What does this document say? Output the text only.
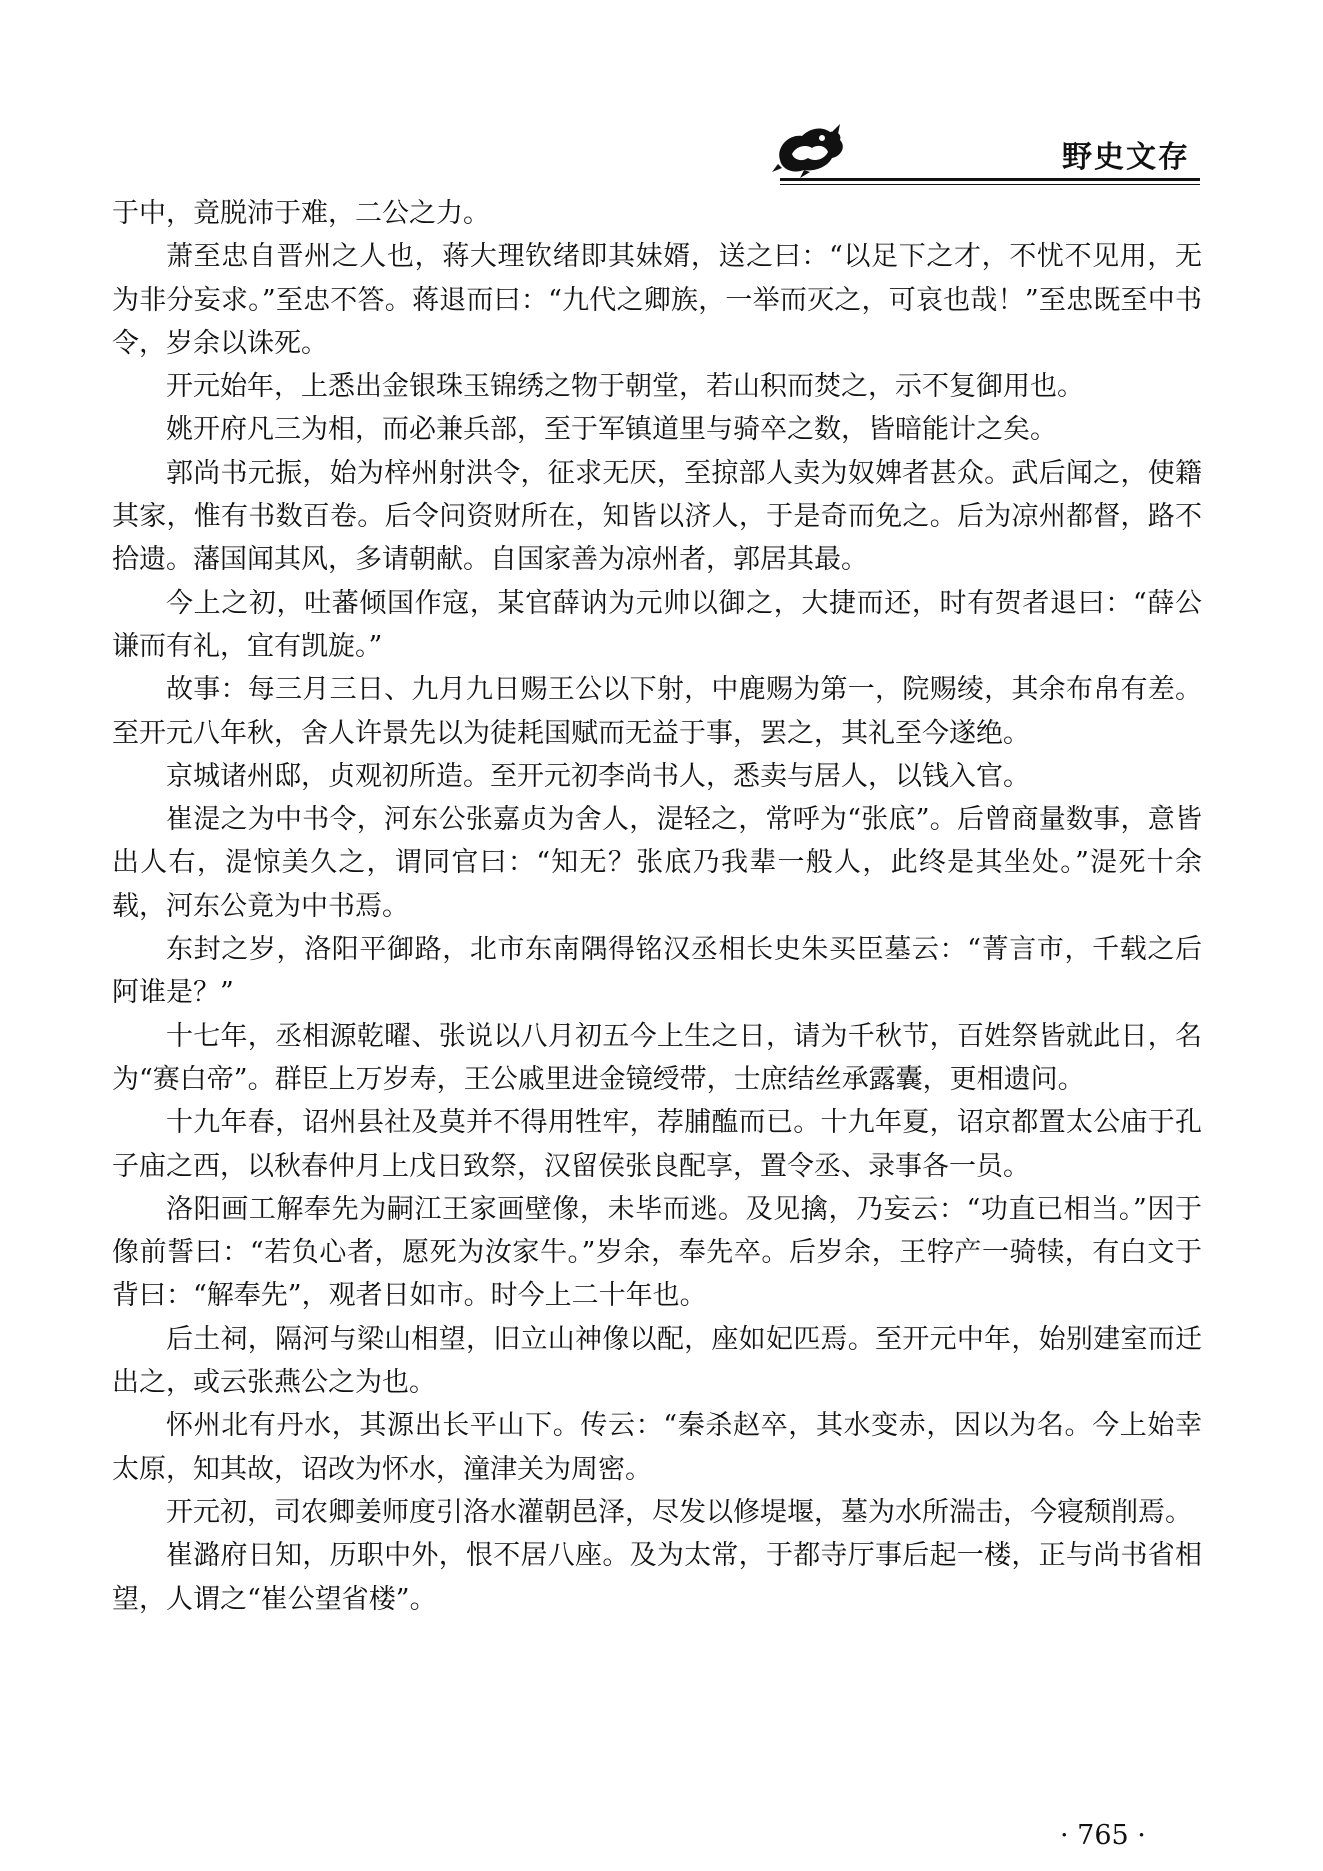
野史文存

于中，竟脱沛于难，二公之力。

萧至忠自晋州之人也，蒋大理钦绪即其妹婿，送之曰：“以足下之才，不忧不见用，无为非分妄求。”至忠不答。蒋退而曰：“九代之卿族，一举而灭之，可哀也哉！”至忠既至中书令，岁余以诛死。

开元始年，上悉出金银珠玉锦绣之物于朝堂，若山积而焚之，示不复御用也。

姚开府凡三为相，而必兼兵部，至于军镇道里与骑卒之数，皆暗能计之矣。

郭尚书元振，始为梓州射洪令，征求无厌，至掠部人卖为奴婢者甚众。武后闻之，使籍其家，惟有书数百卷。后令问资财所在，知皆以济人，于是奇而免之。后为凉州都督，路不拾遗。藩国闻其风，多请朝献。自国家善为凉州者，郭居其最。

今上之初，吐蕃倾国作寇，某官薛讷为元帅以御之，大捷而还，时有贺者退曰：“薛公谦而有礼，宜有凯旋。”

故事：每三月三日、九月九日赐王公以下射，中鹿赐为第一，院赐绫，其余布帛有差。至开元八年秋，舍人许景先以为徒耗国赋而无益于事，罢之，其礼至今遂绝。

京城诸州邸，贞观初所造。至开元初李尚书人，悉卖与居人，以钱入官。

崔湜之为中书令，河东公张嘉贞为舍人，湜轻之，常呼为“张底”。后曾商量数事，意皆出人右，湜惊美久之，谓同官曰：“知无？张底乃我辈一般人，此终是其坐处。”湜死十余载，河东公竟为中书焉。

东封之岁，洛阳平御路，北市东南隅得铭汉丞相长史朱买臣墓云：“菁言市，千载之后阿谁是？”

十七年，丞相源乾曜、张说以八月初五今上生之日，请为千秋节，百姓祭皆就此日，名为“赛白帝”。群臣上万岁寿，王公戚里进金镜绶带，士庶结丝承露囊，更相遗问。

十九年春，诏州县社及莫并不得用牲牢，荐脯醢而已。十九年夏，诏京都置太公庙于孔子庙之西，以秋春仲月上戊日致祭，汉留侯张良配享，置令丞、录事各一员。

洛阳画工解奉先为嗣江王家画壁像，未毕而逃。及见擒，乃妄云：“功直已相当。”因于像前誓曰：“若负心者，愿死为汝家牛。”岁余，奉先卒。后岁余，王牸产一骑犊，有白文于背曰：“解奉先”，观者日如市。时今上二十年也。

后土祠，隔河与梁山相望，旧立山神像以配，座如妃匹焉。至开元中年，始别建室而迁出之，或云张燕公之为也。

怀州北有丹水，其源出长平山下。传云：“秦杀赵卒，其水变赤，因以为名。今上始幸太原，知其故，诏改为怀水，潼津关为周密。

开元初，司农卿姜师度引洛水灌朝邑泽，尽发以修堤堰，墓为水所湍击，今寝颓削焉。

崔潞府日知，历职中外，恨不居八座。及为太常，于都寺厅事后起一楼，正与尚书省相望，人谓之“崔公望省楼”。

· 765 ·
